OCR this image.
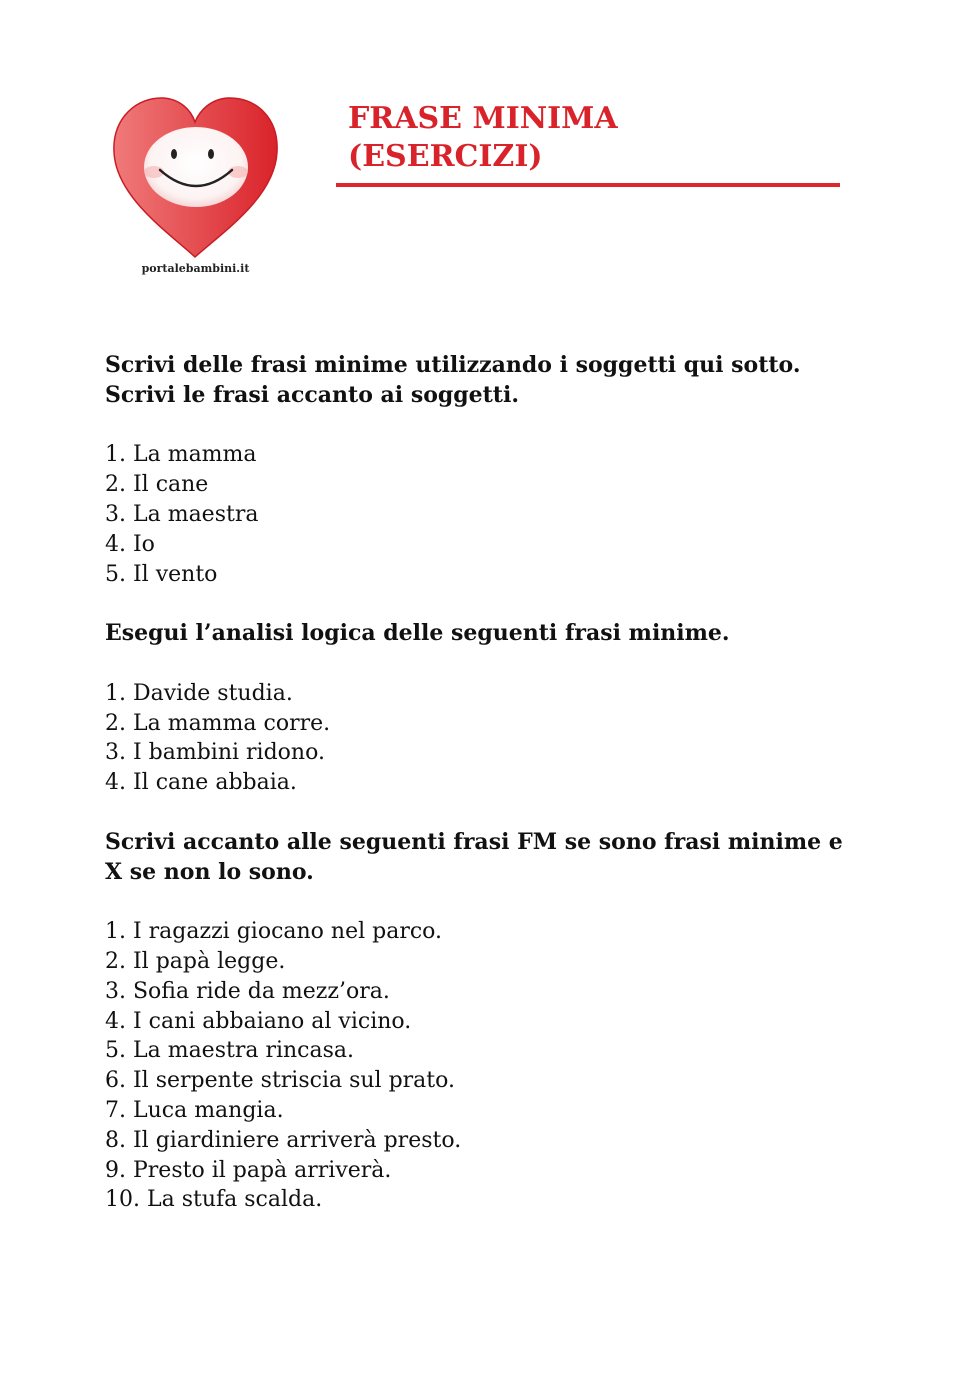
portalebambini.it
FRASE MINIMA
(ESERCIZI)

Scrivi delle frasi minime utilizzando i soggetti qui sotto.
Scrivi le frasi accanto ai soggetti.

1. La mamma
2. Il cane
3. La maestra
4. Io
5. Il vento

Esegui l’analisi logica delle seguenti frasi minime.

1. Davide studia.
2. La mamma corre.
3. I bambini ridono.
4. Il cane abbaia.

Scrivi accanto alle seguenti frasi FM se sono frasi minime e
X se non lo sono.

1. I ragazzi giocano nel parco.
2. Il papà legge.
3. Sofia ride da mezz’ora.
4. I cani abbaiano al vicino.
5. La maestra rincasa.
6. Il serpente striscia sul prato.
7. Luca mangia.
8. Il giardiniere arriverà presto.
9. Presto il papà arriverà.
10. La stufa scalda.
